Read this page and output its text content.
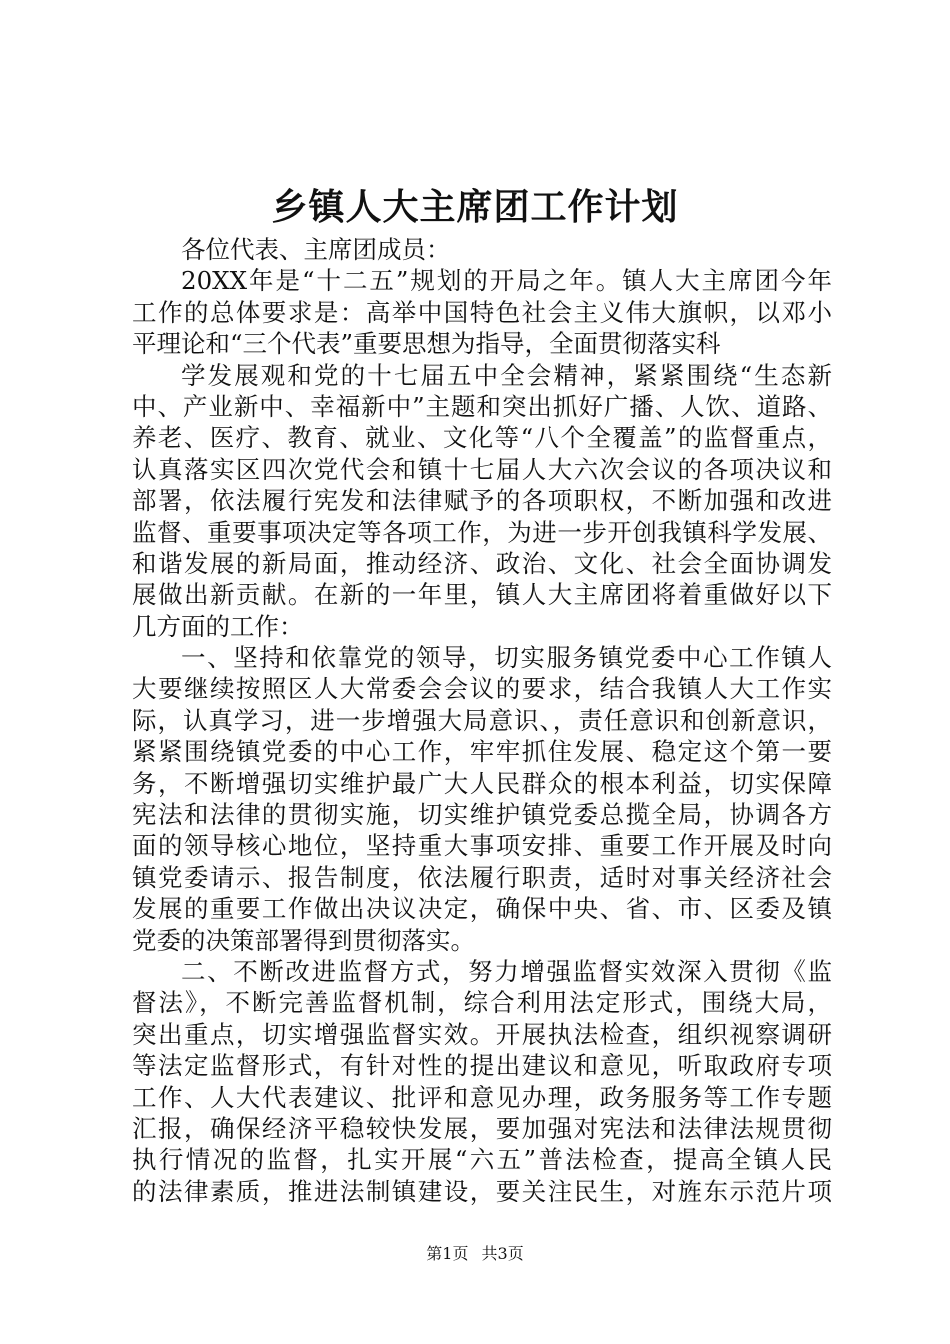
乡镇人大主席团工作计划

各位代表、主席团成员：

20XX年是“十二五”规划的开局之年。镇人大主席团今年

工作的总体要求是：高举中国特色社会主义伟大旗帜，以邓小

平理论和“三个代表”重要思想为指导，全面贯彻落实科

学发展观和党的十七届五中全会精神，紧紧围绕“生态新

中、产业新中、幸福新中”主题和突出抓好广播、人饮、道路、

养老、医疗、教育、就业、文化等“八个全覆盖”的监督重点，

认真落实区四次党代会和镇十七届人大六次会议的各项决议和

部署，依法履行宪发和法律赋予的各项职权，不断加强和改进

监督、重要事项决定等各项工作，为进一步开创我镇科学发展、

和谐发展的新局面，推动经济、政治、文化、社会全面协调发

展做出新贡献。在新的一年里，镇人大主席团将着重做好以下

几方面的工作：

一、坚持和依靠党的领导，切实服务镇党委中心工作镇人

大要继续按照区人大常委会会议的要求，结合我镇人大工作实

际，认真学习，进一步增强大局意识、，责任意识和创新意识，

紧紧围绕镇党委的中心工作，牢牢抓住发展、稳定这个第一要

务，不断增强切实维护最广大人民群众的根本利益，切实保障

宪法和法律的贯彻实施，切实维护镇党委总揽全局，协调各方

面的领导核心地位，坚持重大事项安排、重要工作开展及时向

镇党委请示、报告制度，依法履行职责，适时对事关经济社会

发展的重要工作做出决议决定，确保中央、省、市、区委及镇

党委的决策部署得到贯彻落实。

二、不断改进监督方式，努力增强监督实效深入贯彻《监

督法》，不断完善监督机制，综合利用法定形式，围绕大局，

突出重点，切实增强监督实效。开展执法检查，组织视察调研

等法定监督形式，有针对性的提出建议和意见，听取政府专项

工作、人大代表建议、批评和意见办理，政务服务等工作专题

汇报，确保经济平稳较快发展，要加强对宪法和法律法规贯彻

执行情况的监督，扎实开展“六五”普法检查，提高全镇人民

的法律素质，推进法制镇建设，要关注民生，对旌东示范片项

第1页 共3页
